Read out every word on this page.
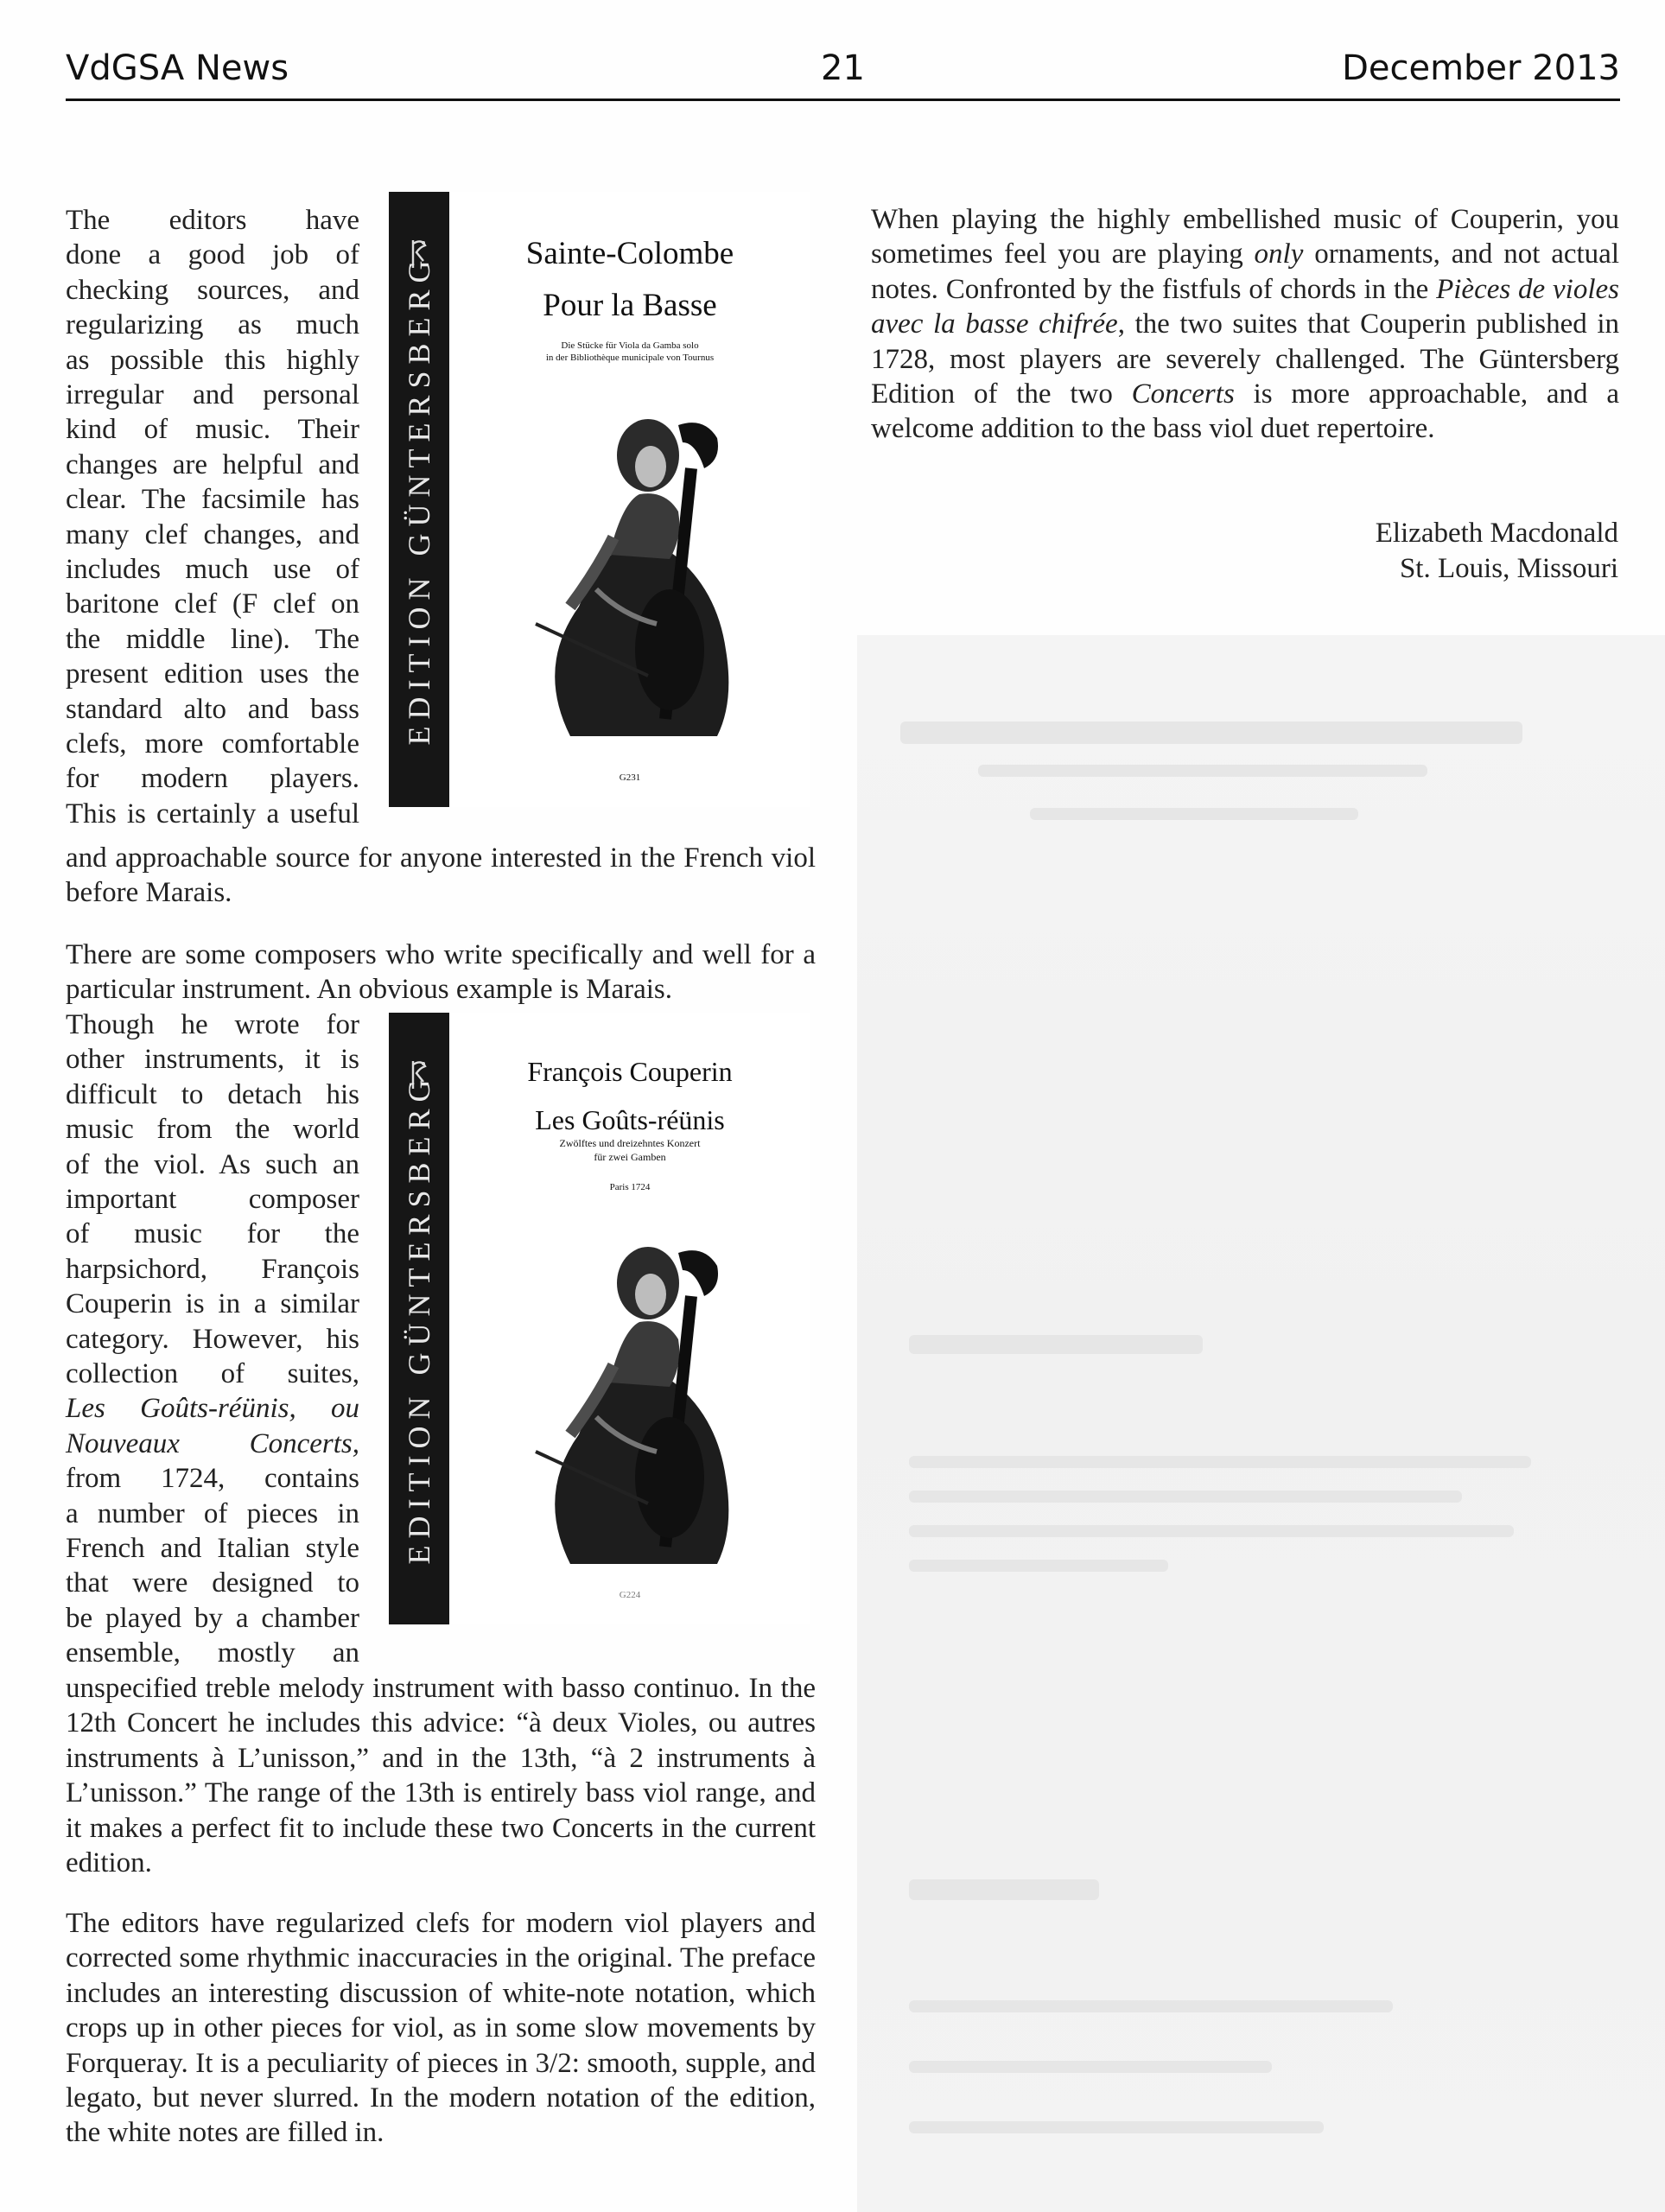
VdGSA News	21	December 2013
The editors have
done a good job of
checking sources, and
regularizing as much
as possible this highly
irregular and personal
kind of music. Their
changes are helpful and
clear. The facsimile has
many clef changes, and
includes much use of
baritone clef (F clef on
the middle line). The
present edition uses the
standard alto and bass
clefs, more comfortable
for modern players.
This is certainly a useful

and approachable source for anyone interested in the French viol before Marais.

EDITION GÜNTERSBERG
Sainte-Colombe
Pour la Basse
Die Stücke für Viola da Gamba solo
in der Bibliothèque municipale von Tournus
G231

There are some composers who write specifically and well for a particular instrument. An obvious example is Marais.

Though he wrote for
other instruments, it is
difficult to detach his
music from the world
of the viol. As such an
important composer
of music for the
harpsichord, François
Couperin is in a similar
category. However, his
collection of suites,
Les Goûts-réünis, ou
Nouveaux Concerts,
from 1724, contains
a number of pieces in
French and Italian style
that were designed to
be played by a chamber
ensemble, mostly an

unspecified treble melody instrument with basso continuo. In the 12th Concert he includes this advice: “à deux Violes, ou autres instruments à L’unisson,” and in the 13th, “à 2 instruments à L’unisson.” The range of the 13th is entirely bass viol range, and it makes a perfect fit to include these two Concerts in the current edition.

EDITION GÜNTERSBERG
François Couperin
Les Goûts-réünis
Zwölftes und dreizehntes Konzert
für zwei Gamben
Paris 1724
G224

The editors have regularized clefs for modern viol players and corrected some rhythmic inaccuracies in the original. The preface includes an interesting discussion of white-note notation, which crops up in other pieces for viol, as in some slow movements by Forqueray. It is a peculiarity of pieces in 3/2: smooth, supple, and legato, but never slurred. In the modern notation of the edition, the white notes are filled in.

When playing the highly embellished music of Couperin, you sometimes feel you are playing only ornaments, and not actual notes. Confronted by the fistfuls of chords in the Pièces de violes avec la basse chifrée, the two suites that Couperin published in 1728, most players are severely challenged. The Güntersberg Edition of the two Concerts is more approachable, and a welcome addition to the bass viol duet repertoire.

Elizabeth Macdonald
St. Louis, Missouri
